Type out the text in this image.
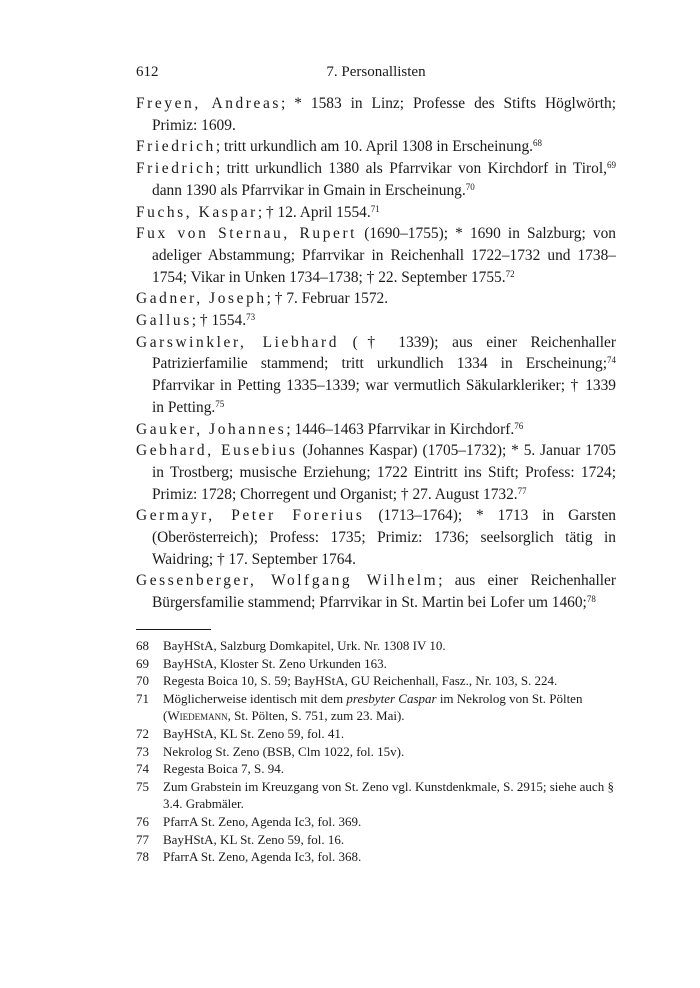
612	7. Personallisten

Freyen, Andreas; * 1583 in Linz; Professe des Stifts Höglwörth; Primiz: 1609.

Friedrich; tritt urkundlich am 10. April 1308 in Erscheinung.$^{68}$

Friedrich; tritt urkundlich 1380 als Pfarrvikar von Kirchdorf in Tirol,$^{69}$ dann 1390 als Pfarrvikar in Gmain in Erscheinung.$^{70}$

Fuchs, Kaspar; † 12. April 1554.71

Fux von Sternau, Rupert (1690–1755); * 1690 in Salzburg; von adeliger Abstammung; Pfarrvikar in Reichenhall 1722–1732 und 1738–1754; Vikar in Unken 1734–1738; † 22. September 1755.72

Gadner, Joseph; † 7. Februar 1572.

Gallus; † 1554.73

Garswinkler, Liebhard († 1339); aus einer Reichenhaller Patrizierfamilie stammend; tritt urkundlich 1334 in Erscheinung;$^{74}$ Pfarrvikar in Petting 1335–1339; war vermutlich Säkularkleriker; † 1339 in Petting.$^{75}$

Gauker, Johannes; 1446–1463 Pfarrvikar in Kirchdorf.$^{76}$

Gebhard, Eusebius (Johannes Kaspar) (1705–1732); * 5. Januar 1705 in Trostberg; musische Erziehung; 1722 Eintritt ins Stift; Profess: 1724; Primiz: 1728; Chorregent und Organist; † 27. August 1732.77

Germayr, Peter Forerius (1713–1764); * 1713 in Garsten (Oberösterreich); Profess: 1735; Primiz: 1736; seelsorglich tätig in Waidring; † 17. September 1764.

Gessenberger, Wolfgang Wilhelm; aus einer Reichenhaller Bürgersfamilie stammend; Pfarrvikar in St. Martin bei Lofer um 1460;$^{78}$

68 BayHStA, Salzburg Domkapitel, Urk. Nr. 1308 IV 10.

69 BayHStA, Kloster St. Zeno Urkunden 163.

70 Regesta Boica 10, S. 59; BayHStA, GU Reichenhall, Fasz., Nr. 103, S. 224.

71 Möglicherweise identisch mit dem presbyter Caspar im Nekrolog von St. Pölten (Wiedemann, St. Pölten, S. 751, zum 23. Mai).

72 BayHStA, KL St. Zeno 59, fol. 41.

73 Nekrolog St. Zeno (BSB, Clm 1022, fol. 15v).

74 Regesta Boica 7, S. 94.

75 Zum Grabstein im Kreuzgang von St. Zeno vgl. Kunstdenkmale, S. 2915; siehe auch § 3.4. Grabmäler.

76 PfarrA St. Zeno, Agenda Ic3, fol. 369.

77 BayHStA, KL St. Zeno 59, fol. 16.

78 PfarrA St. Zeno, Agenda Ic3, fol. 368.
